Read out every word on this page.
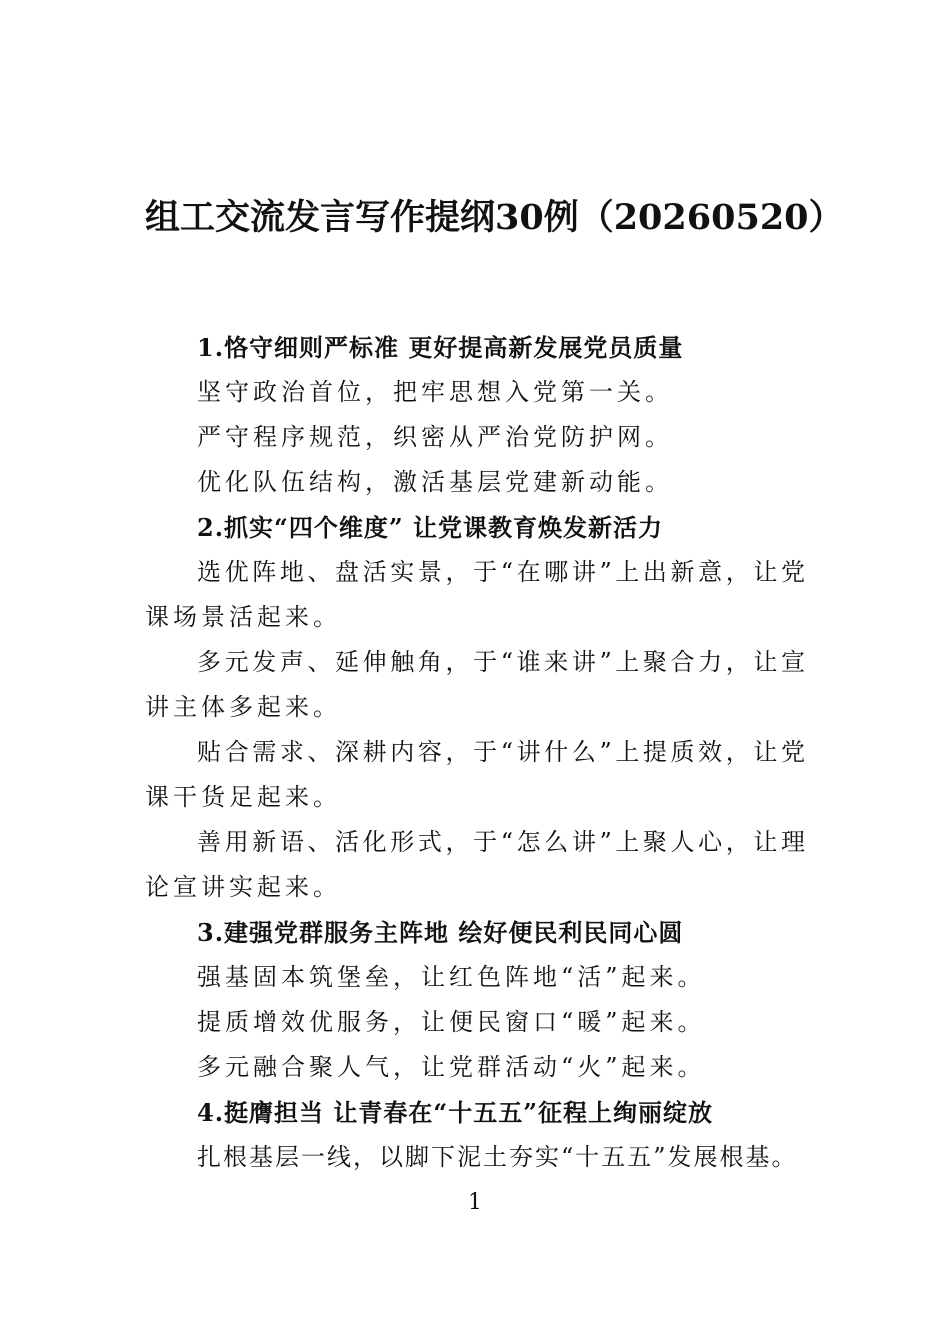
组工交流发言写作提纲30例（20260520）
1.恪守细则严标准 更好提高新发展党员质量
坚守政治首位，把牢思想入党第一关。
严守程序规范，织密从严治党防护网。
优化队伍结构，激活基层党建新动能。
2.抓实“四个维度” 让党课教育焕发新活力
选优阵地、盘活实景，于“在哪讲”上出新意，让党
课场景活起来。
多元发声、延伸触角，于“谁来讲”上聚合力，让宣
讲主体多起来。
贴合需求、深耕内容，于“讲什么”上提质效，让党
课干货足起来。
善用新语、活化形式，于“怎么讲”上聚人心，让理
论宣讲实起来。
3.建强党群服务主阵地 绘好便民利民同心圆
强基固本筑堡垒，让红色阵地“活”起来。
提质增效优服务，让便民窗口“暖”起来。
多元融合聚人气，让党群活动“火”起来。
4.挺膺担当 让青春在“十五五”征程上绚丽绽放
扎根基层一线，以脚下泥土夯实“十五五”发展根基。
1
